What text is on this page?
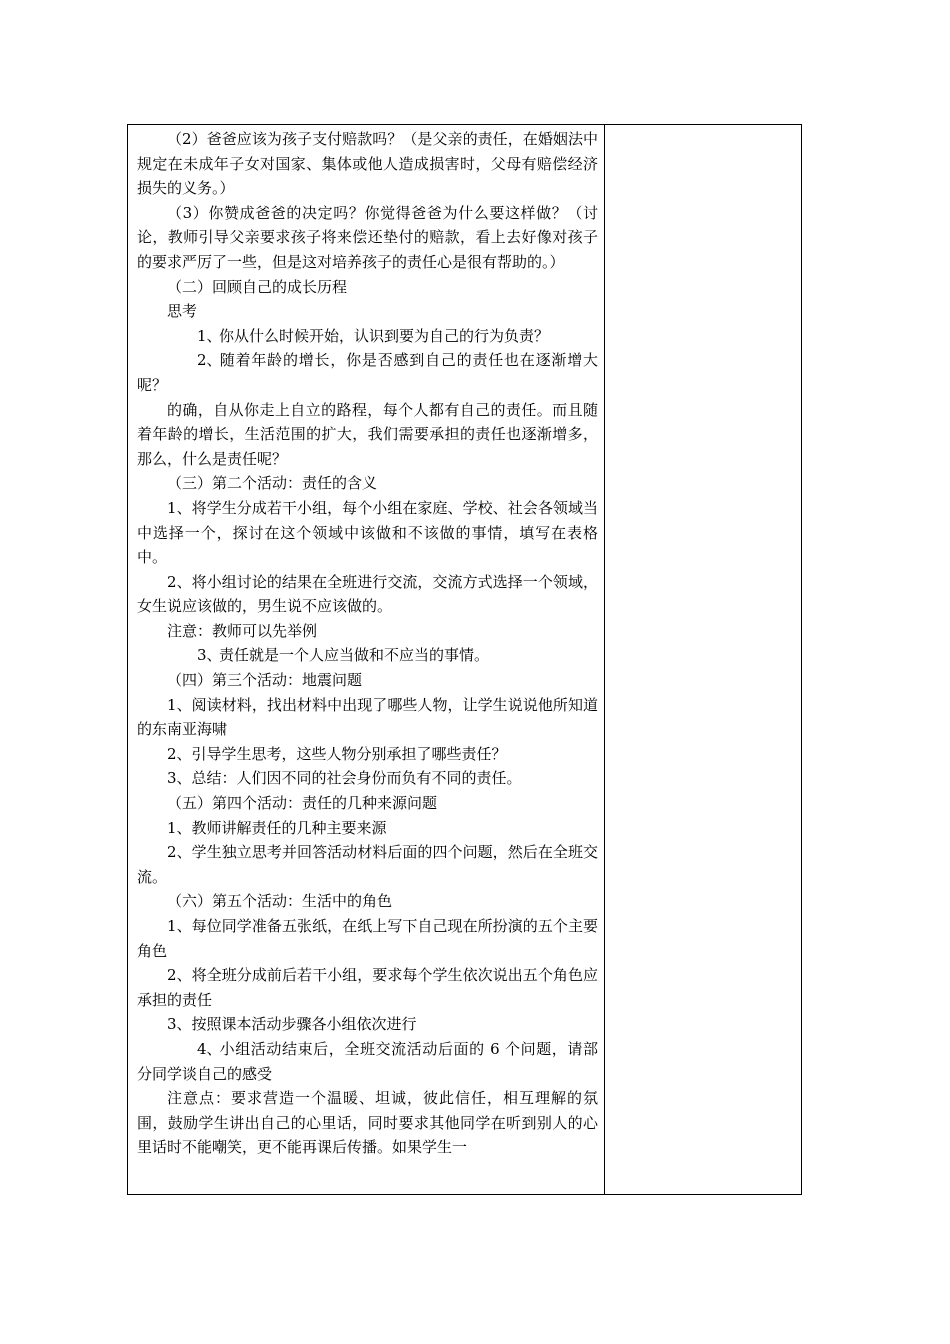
（2）爸爸应该为孩子支付赔款吗？（是父亲的责任，在婚姻法中规定在未成年子女对国家、集体或他人造成损害时，父母有赔偿经济损失的义务。）

（3）你赞成爸爸的决定吗？你觉得爸爸为什么要这样做？（讨论，教师引导父亲要求孩子将来偿还垫付的赔款，看上去好像对孩子的要求严厉了一些，但是这对培养孩子的责任心是很有帮助的。）

（二）回顾自己的成长历程

思考

1、你从什么时候开始，认识到要为自己的行为负责？

2、随着年龄的增长，你是否感到自己的责任也在逐渐增大呢？

的确，自从你走上自立的路程，每个人都有自己的责任。而且随着年龄的增长，生活范围的扩大，我们需要承担的责任也逐渐增多，那么，什么是责任呢？

（三）第二个活动：责任的含义

1、将学生分成若干小组，每个小组在家庭、学校、社会各领域当中选择一个，探讨在这个领域中该做和不该做的事情，填写在表格中。

2、将小组讨论的结果在全班进行交流，交流方式选择一个领域，女生说应该做的，男生说不应该做的。

注意：教师可以先举例

3、责任就是一个人应当做和不应当的事情。

（四）第三个活动：地震问题

1、阅读材料，找出材料中出现了哪些人物，让学生说说他所知道的东南亚海啸

2、引导学生思考，这些人物分别承担了哪些责任？

3、总结：人们因不同的社会身份而负有不同的责任。

（五）第四个活动：责任的几种来源问题

1、教师讲解责任的几种主要来源

2、学生独立思考并回答活动材料后面的四个问题，然后在全班交流。

（六）第五个活动：生活中的角色

1、每位同学准备五张纸，在纸上写下自己现在所扮演的五个主要角色

2、将全班分成前后若干小组，要求每个学生依次说出五个角色应承担的责任

3、按照课本活动步骤各小组依次进行

4、小组活动结束后，全班交流活动后面的 6 个问题，请部分同学谈自己的感受

注意点：要求营造一个温暖、坦诚，彼此信任，相互理解的氛围，鼓励学生讲出自己的心里话，同时要求其他同学在听到别人的心里话时不能嘲笑，更不能再课后传播。如果学生一
